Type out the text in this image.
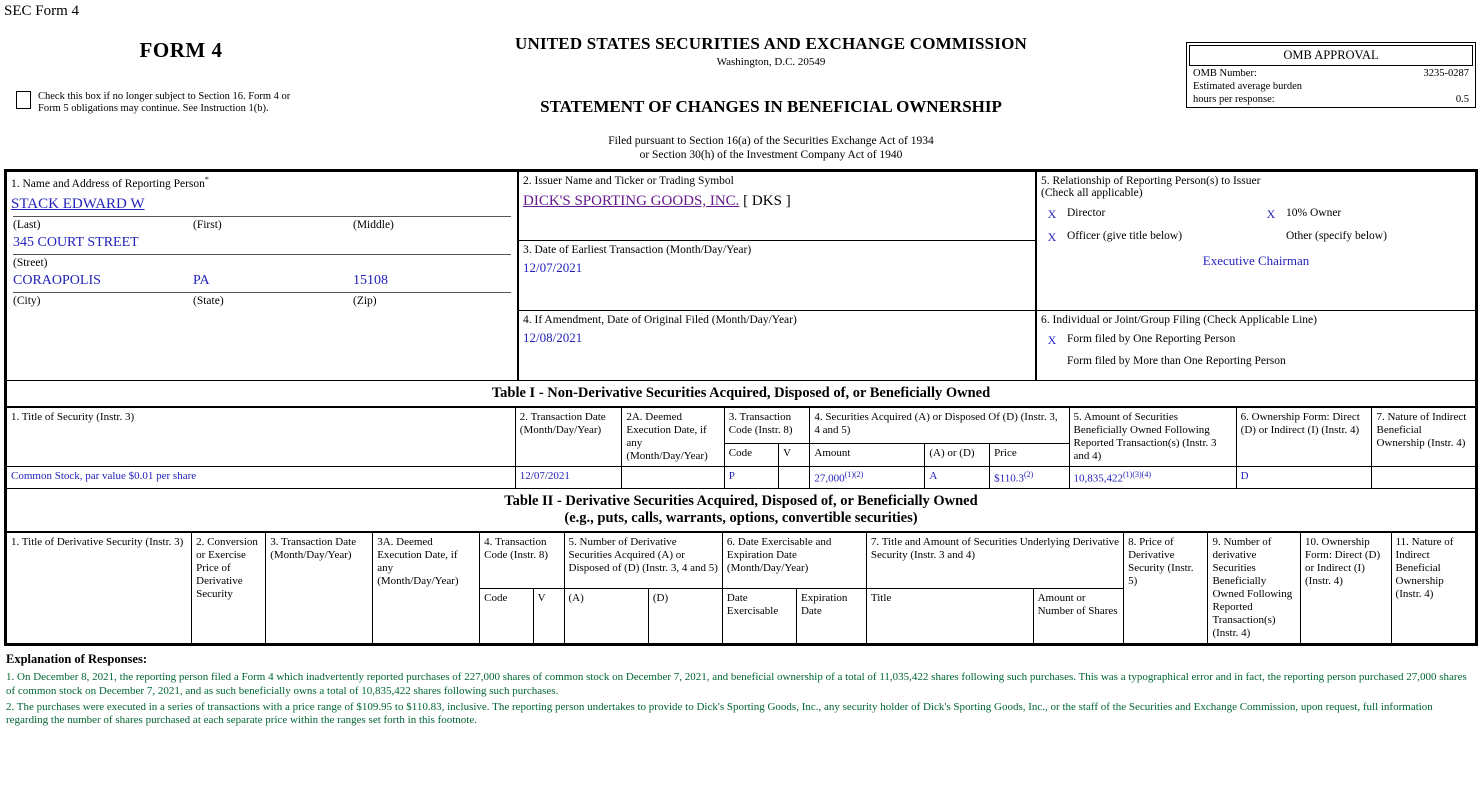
SEC Form 4
FORM 4
Check this box if no longer subject to Section 16. Form 4 or Form 5 obligations may continue. See Instruction 1(b).
UNITED STATES SECURITIES AND EXCHANGE COMMISSION
Washington, D.C. 20549
STATEMENT OF CHANGES IN BENEFICIAL OWNERSHIP
Filed pursuant to Section 16(a) of the Securities Exchange Act of 1934
or Section 30(h) of the Investment Company Act of 1940
OMB APPROVAL
OMB Number:	3235-0287
Estimated average burden
hours per response:	0.5
1. Name and Address of Reporting Person*
STACK EDWARD W
(Last)	(First)	(Middle)
345 COURT STREET
(Street)
CORAOPOLIS	PA	15108
(City)	(State)	(Zip)
2. Issuer Name and Ticker or Trading Symbol
DICK'S SPORTING GOODS, INC. [ DKS ]
3. Date of Earliest Transaction (Month/Day/Year)
12/07/2021
4. If Amendment, Date of Original Filed (Month/Day/Year)
12/08/2021
5. Relationship of Reporting Person(s) to Issuer
(Check all applicable)
X Director	X 10% Owner
X Officer (give title below)	Other (specify below)
Executive Chairman
6. Individual or Joint/Group Filing (Check Applicable Line)
X Form filed by One Reporting Person
Form filed by More than One Reporting Person
Table I - Non-Derivative Securities Acquired, Disposed of, or Beneficially Owned
1. Title of Security (Instr. 3)	2. Transaction Date (Month/Day/Year)	2A. Deemed Execution Date, if any (Month/Day/Year)	3. Transaction Code (Instr. 8)		4. Securities Acquired (A) or Disposed Of (D) (Instr. 3, 4 and 5)			5. Amount of Securities Beneficially Owned Following Reported Transaction(s) (Instr. 3 and 4)	6. Ownership Form: Direct (D) or Indirect (I) (Instr. 4)	7. Nature of Indirect Beneficial Ownership (Instr. 4)
			Code	V	Amount	(A) or (D)	Price			
Common Stock, par value $0.01 per share	12/07/2021		P		$27,000^{(1)(2)}$	A	$110.3$^{(2)}$	$10,835,422^{(1)(3)(4)}$	D	
Table II - Derivative Securities Acquired, Disposed of, or Beneficially Owned
(e.g., puts, calls, warrants, options, convertible securities)
1. Title of Derivative Security (Instr. 3)	2. Conversion or Exercise Price of Derivative Security	3. Transaction Date (Month/Day/Year)	3A. Deemed Execution Date, if any (Month/Day/Year)	4. Transaction Code (Instr. 8)		5. Number of Derivative Securities Acquired (A) or Disposed of (D) (Instr. 3, 4 and 5)		6. Date Exercisable and Expiration Date (Month/Day/Year)		7. Title and Amount of Securities Underlying Derivative Security (Instr. 3 and 4)		8. Price of Derivative Security (Instr. 5)	9. Number of derivative Securities Beneficially Owned Following Reported Transaction(s) (Instr. 4)	10. Ownership Form: Direct (D) or Indirect (I) (Instr. 4)	11. Nature of Indirect Beneficial Ownership (Instr. 4)
				Code	V	(A)	(D)	Date Exercisable	Expiration Date	Title	Amount or Number of Shares				
Explanation of Responses:
1. On December 8, 2021, the reporting person filed a Form 4 which inadvertently reported purchases of 227,000 shares of common stock on December 7, 2021, and beneficial ownership of a total of 11,035,422 shares following such purchases. This was a typographical error and in fact, the reporting person purchased 27,000 shares of common stock on December 7, 2021, and as such beneficially owns a total of 10,835,422 shares following such purchases.
2. The purchases were executed in a series of transactions with a price range of $109.95 to $110.83, inclusive. The reporting person undertakes to provide to Dick's Sporting Goods, Inc., any security holder of Dick's Sporting Goods, Inc., or the staff of the Securities and Exchange Commission, upon request, full information regarding the number of shares purchased at each separate price within the ranges set forth in this footnote.
